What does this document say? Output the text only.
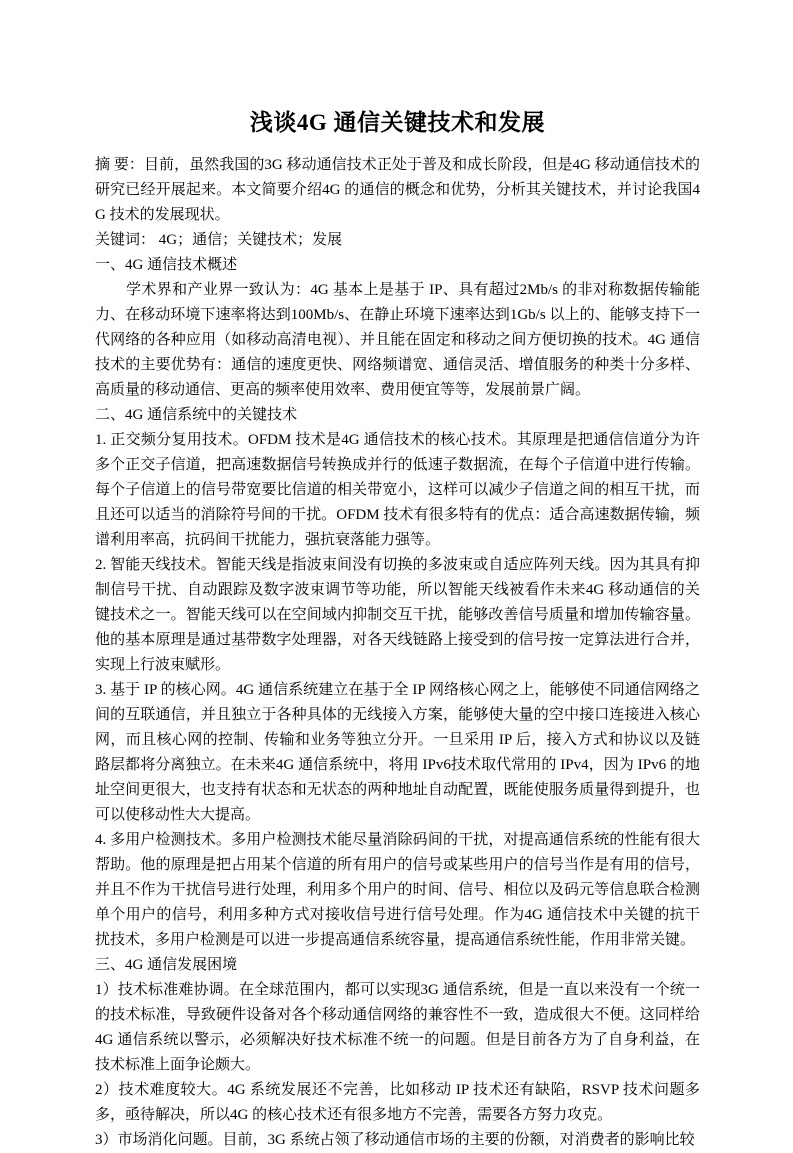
浅谈4G 通信关键技术和发展

摘 要：目前，虽然我国的3G 移动通信技术正处于普及和成长阶段，但是4G 移动通信技术的研究已经开展起来。本文简要介绍4G 的通信的概念和优势，分析其关键技术，并讨论我国4G 技术的发展现状。

关键词： 4G；通信；关键技术；发展

一、4G 通信技术概述

学术界和产业界一致认为：4G 基本上是基于 IP、具有超过2Mb/s 的非对称数据传输能力、在移动环境下速率将达到100Mb/s、在静止环境下速率达到1Gb/s 以上的、能够支持下一代网络的各种应用（如移动高清电视）、并且能在固定和移动之间方便切换的技术。4G 通信技术的主要优势有：通信的速度更快、网络频谱宽、通信灵活、增值服务的种类十分多样、高质量的移动通信、更高的频率使用效率、费用便宜等等，发展前景广阔。

二、4G 通信系统中的关键技术

1. 正交频分复用技术。OFDM 技术是4G 通信技术的核心技术。其原理是把通信信道分为许多个正交子信道，把高速数据信号转换成并行的低速子数据流，在每个子信道中进行传输。每个子信道上的信号带宽要比信道的相关带宽小，这样可以减少子信道之间的相互干扰，而且还可以适当的消除符号间的干扰。OFDM 技术有很多特有的优点：适合高速数据传输，频谱利用率高，抗码间干扰能力，强抗衰落能力强等。

2. 智能天线技术。智能天线是指波束间没有切换的多波束或自适应阵列天线。因为其具有抑制信号干扰、自动跟踪及数字波束调节等功能，所以智能天线被看作未来4G 移动通信的关键技术之一。智能天线可以在空间域内抑制交互干扰，能够改善信号质量和增加传输容量。他的基本原理是通过基带数字处理器，对各天线链路上接受到的信号按一定算法进行合并，实现上行波束赋形。

3. 基于 IP 的核心网。4G 通信系统建立在基于全 IP 网络核心网之上，能够使不同通信网络之间的互联通信，并且独立于各种具体的无线接入方案，能够使大量的空中接口连接进入核心网，而且核心网的控制、传输和业务等独立分开。一旦采用 IP 后，接入方式和协议以及链路层都将分离独立。在未来4G 通信系统中，将用 IPv6技术取代常用的 IPv4，因为 IPv6 的地址空间更很大，也支持有状态和无状态的两种地址自动配置，既能使服务质量得到提升，也可以使移动性大大提高。

4. 多用户检测技术。多用户检测技术能尽量消除码间的干扰，对提高通信系统的性能有很大帮助。他的原理是把占用某个信道的所有用户的信号或某些用户的信号当作是有用的信号，并且不作为干扰信号进行处理，利用多个用户的时间、信号、相位以及码元等信息联合检测单个用户的信号，利用多种方式对接收信号进行信号处理。作为4G 通信技术中关键的抗干扰技术，多用户检测是可以进一步提高通信系统容量，提高通信系统性能，作用非常关键。

三、4G 通信发展困境

1）技术标准难协调。在全球范围内，都可以实现3G 通信系统，但是一直以来没有一个统一的技术标准，导致硬件设备对各个移动通信网络的兼容性不一致，造成很大不便。这同样给4G 通信系统以警示，必须解决好技术标准不统一的问题。但是目前各方为了自身利益，在技术标准上面争论颇大。

2）技术难度较大。4G 系统发展还不完善，比如移动 IP 技术还有缺陷，RSVP 技术问题多多，亟待解决，所以4G 的核心技术还有很多地方不完善，需要各方努力攻克。

3）市场消化问题。目前，3G 系统占领了移动通信市场的主要的份额，对消费者的影响比较
